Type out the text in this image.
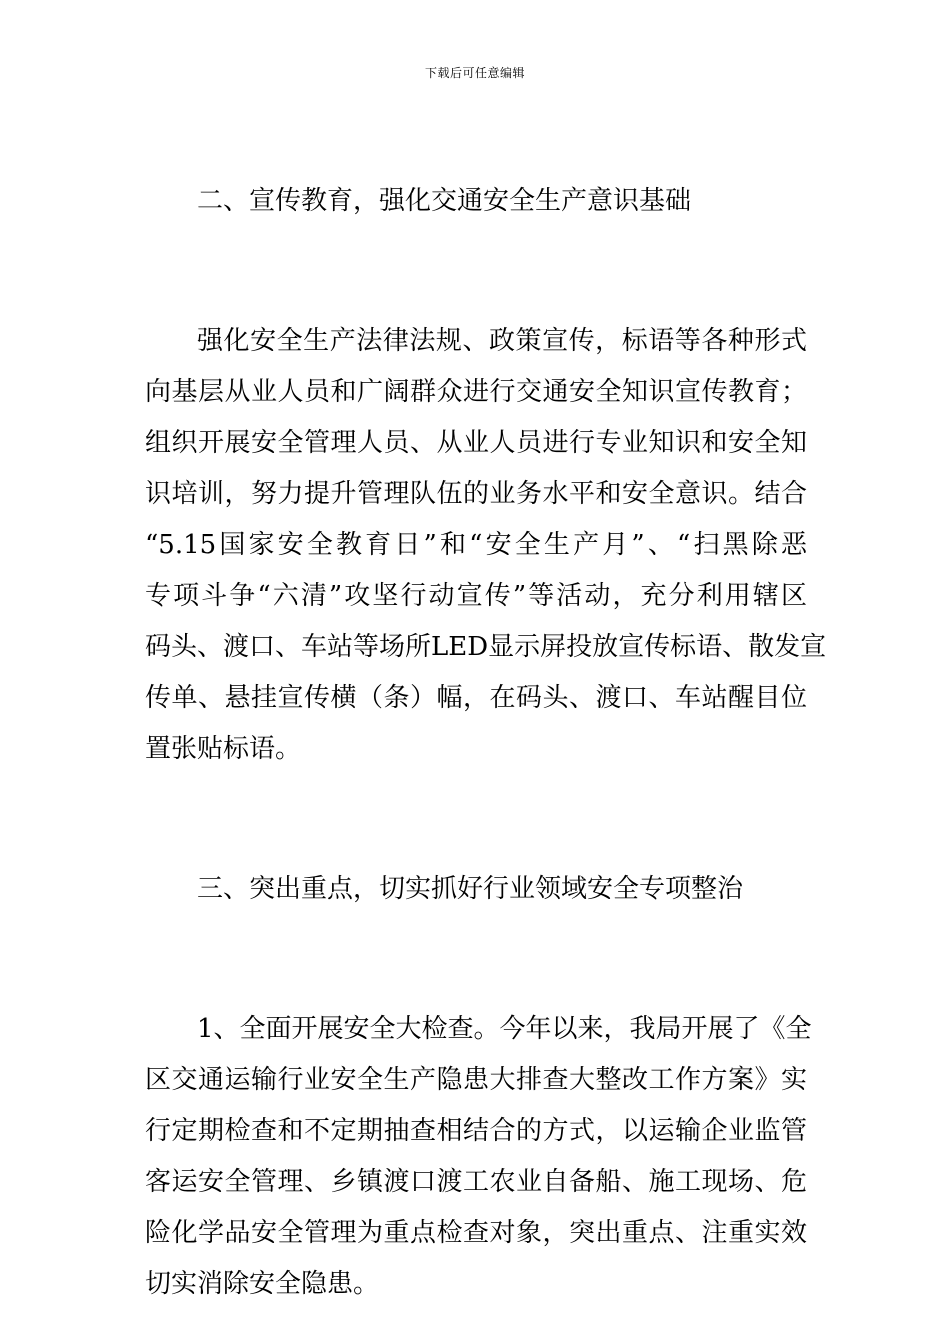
下载后可任意编辑

二、宣传教育，强化交通安全生产意识基础

强化安全生产法律法规、政策宣传，标语等各种形式
向基层从业人员和广阔群众进行交通安全知识宣传教育；
组织开展安全管理人员、从业人员进行专业知识和安全知
识培训，努力提升管理队伍的业务水平和安全意识。结合
“5.15国家安全教育日”和“安全生产月”、“扫黑除恶
专项斗争“六清”攻坚行动宣传”等活动，充分利用辖区
码头、渡口、车站等场所LED显示屏投放宣传标语、散发宣
传单、悬挂宣传横（条）幅，在码头、渡口、车站醒目位
置张贴标语。

三、突出重点，切实抓好行业领域安全专项整治

1、全面开展安全大检查。今年以来，我局开展了《全
区交通运输行业安全生产隐患大排查大整改工作方案》实
行定期检查和不定期抽查相结合的方式，以运输企业监管
客运安全管理、乡镇渡口渡工农业自备船、施工现场、危
险化学品安全管理为重点检查对象，突出重点、注重实效
切实消除安全隐患。
